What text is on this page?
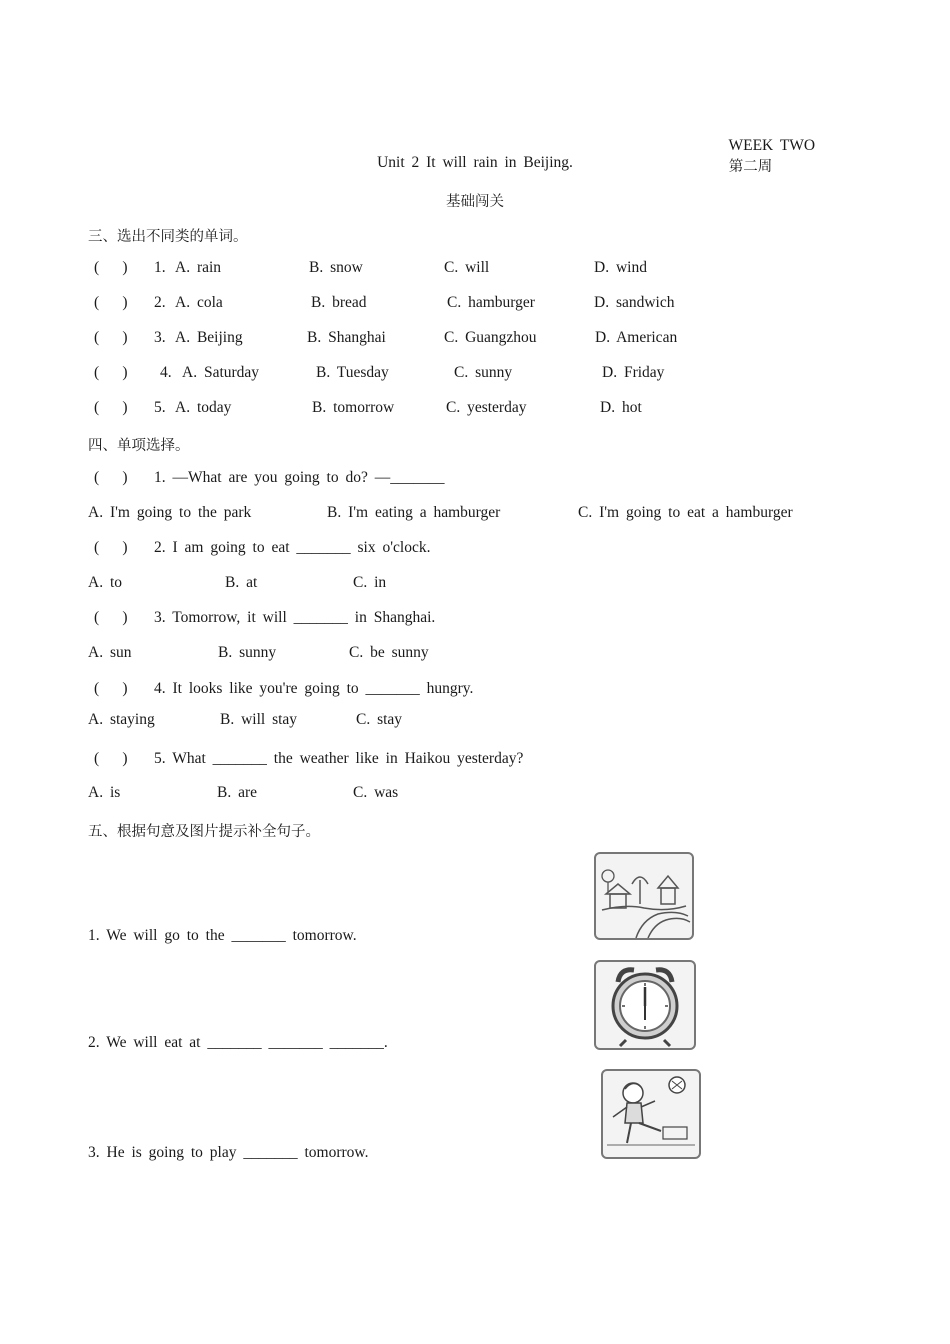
WEEK TWO
第二周

Unit 2 It will rain in Beijing.
基础闯关
三、选出不同类的单词。
(      ) 1. A. rain	B. snow	C. will	D. wind
(      ) 2. A. cola	B. bread	C. hamburger	D. sandwich
(      ) 3. A. Beijing	B. Shanghai	C. Guangzhou	D. American
(      ) 4. A. Saturday	B. Tuesday	C. sunny	D. Friday
(      ) 5. A. today	B. tomorrow	C. yesterday	D. hot
四、单项选择。
(      ) 1. —What are you going to do? —_______
A. I'm going to the park	B. I'm eating a hamburger	C. I'm going to eat a hamburger
(      ) 2. I am going to eat _______ six o'clock.
A. to	B. at	C. in
(      ) 3. Tomorrow, it will _______ in Shanghai.
A. sun	B. sunny	C. be sunny
(      ) 4. It looks like you're going to _______ hungry.
A. staying	B. will stay	C. stay
(      ) 5. What _______ the weather like in Haikou yesterday?
A. is	B. are	C. was
五、根据句意及图片提示补全句子。
1. We will go to the _______ tomorrow.
2. We will eat at _______ _______ _______.
3. He is going to play _______ tomorrow.
